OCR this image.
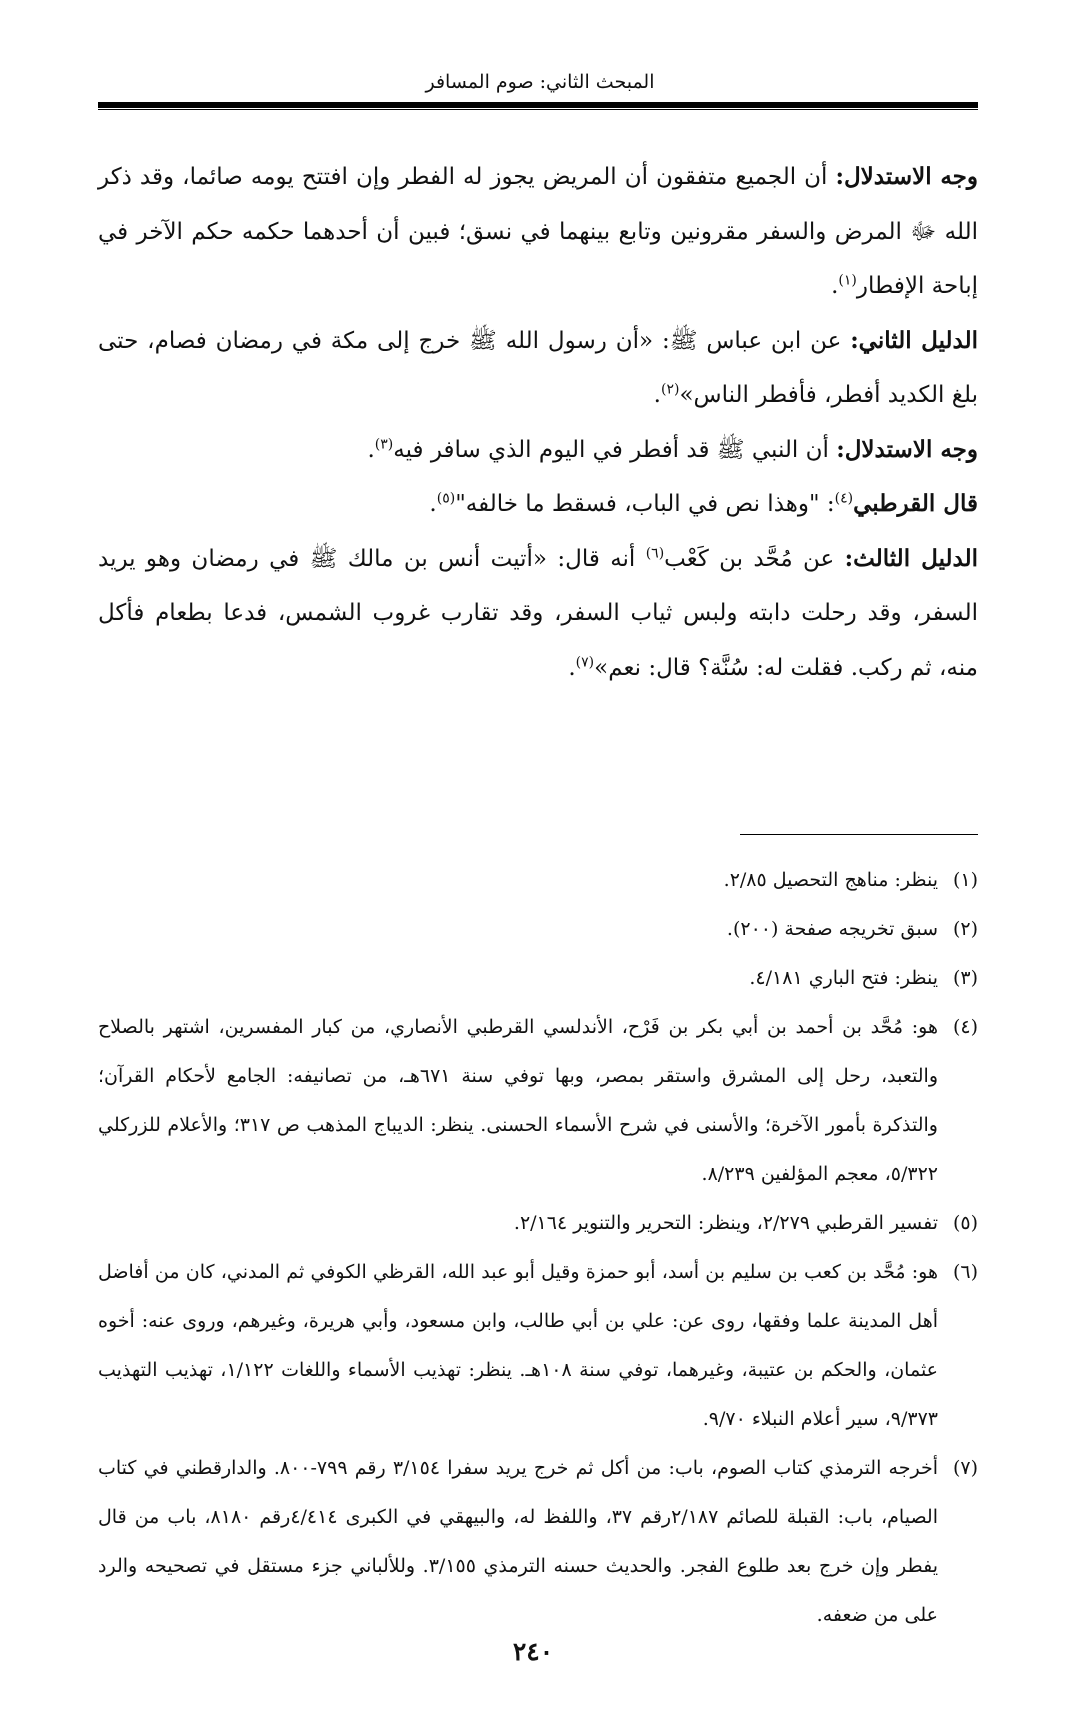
المبحث الثاني: صوم المسافر

وجه الاستدلال: أن الجميع متفقون أن المريض يجوز له الفطر وإن افتتح يومه صائما، وقد ذكر الله ﷻ المرض والسفر مقرونين وتابع بينهما في نسق؛ فبين أن أحدهما حكمه حكم الآخر في إباحة الإفطار$^{(١)}$.

الدليل الثاني: عن ابن عباس ﷺ: «أن رسول الله ﷺ خرج إلى مكة في رمضان فصام، حتى بلغ الكديد أفطر، فأفطر الناس»$^{(٢)}$.

وجه الاستدلال: أن النبي ﷺ قد أفطر في اليوم الذي سافر فيه$^{(٣)}$.

قال القرطبي$^{(٤)}$: "وهذا نص في الباب، فسقط ما خالفه"$^{(٥)}$.

الدليل الثالث: عن مُحَّد بن كَعْب$^{(٦)}$ أنه قال: «أتيت أنس بن مالك ﷺ في رمضان وهو يريد السفر، وقد رحلت دابته ولبس ثياب السفر، وقد تقارب غروب الشمس، فدعا بطعام فأكل منه، ثم ركب. فقلت له: سُنَّة؟ قال: نعم»$^{(٧)}$.

(١)
ينظر: مناهج التحصيل ٢/٨٥.
(٢)
سبق تخريجه صفحة (٢٠٠).
(٣)
ينظر: فتح الباري ٤/١٨١.
(٤)
هو: مُحَّد بن أحمد بن أبي بكر بن فَرْح، الأندلسي القرطبي الأنصاري، من كبار المفسرين، اشتهر بالصلاح والتعبد، رحل إلى المشرق واستقر بمصر، وبها توفي سنة ٦٧١هـ، من تصانيفه: الجامع لأحكام القرآن؛ والتذكرة بأمور الآخرة؛ والأسنى في شرح الأسماء الحسنى. ينظر: الديباج المذهب ص ٣١٧؛ والأعلام للزركلي ٥/٣٢٢، معجم المؤلفين ٨/٢٣٩.
(٥)
تفسير القرطبي ٢/٢٧٩، وينظر: التحرير والتنوير ٢/١٦٤.
(٦)
هو: مُحَّد بن كعب بن سليم بن أسد، أبو حمزة وقيل أبو عبد الله، القرظي الكوفي ثم المدني، كان من أفاضل أهل المدينة علما وفقها، روى عن: علي بن أبي طالب، وابن مسعود، وأبي هريرة، وغيرهم، وروى عنه: أخوه عثمان، والحكم بن عتيبة، وغيرهما، توفي سنة ١٠٨هـ. ينظر: تهذيب الأسماء واللغات ١/١٢٢، تهذيب التهذيب ٩/٣٧٣، سير أعلام النبلاء ٩/٧٠.
(٧)
أخرجه الترمذي كتاب الصوم، باب: من أكل ثم خرج يريد سفرا ٣/١٥٤ رقم ٧٩٩-٨٠٠. والدارقطني في كتاب الصيام، باب: القبلة للصائم ٢/١٨٧رقم ٣٧، واللفظ له، والبيهقي في الكبرى ٤/٤١٤رقم ٨١٨٠، باب من قال يفطر وإن خرج بعد طلوع الفجر. والحديث حسنه الترمذي ٣/١٥٥. وللألباني جزء مستقل في تصحيحه والرد على من ضعفه.
٢٤٠
